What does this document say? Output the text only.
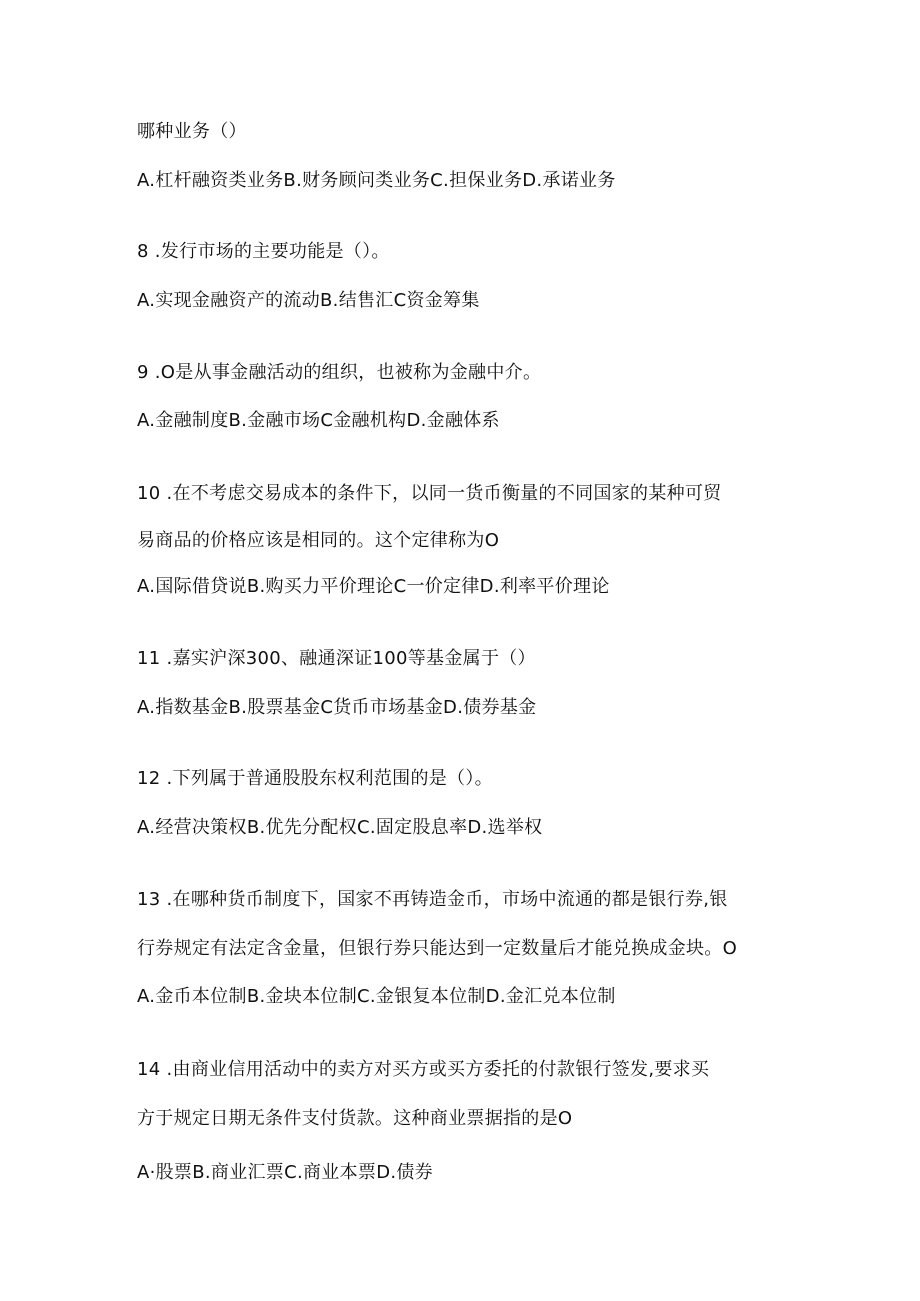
哪种业务（）
A.杠杆融资类业务B.财务顾问类业务C.担保业务D.承诺业务
8 .发行市场的主要功能是（）。
A.实现金融资产的流动B.结售汇C资金筹集
9 .O是从事金融活动的组织，也被称为金融中介。
A.金融制度B.金融市场C金融机构D.金融体系
10 .在不考虑交易成本的条件下，以同一货币衡量的不同国家的某种可贸
易商品的价格应该是相同的。这个定律称为O
A.国际借贷说B.购买力平价理论C一价定律D.利率平价理论
11 .嘉实沪深300、融通深证100等基金属于（）
A.指数基金B.股票基金C货币市场基金D.债券基金
12 .下列属于普通股股东权利范围的是（）。
A.经营决策权B.优先分配权C.固定股息率D.选举权
13 .在哪种货币制度下，国家不再铸造金币，市场中流通的都是银行券,银
行券规定有法定含金量，但银行券只能达到一定数量后才能兑换成金块。O
A.金币本位制B.金块本位制C.金银复本位制D.金汇兑本位制
14 .由商业信用活动中的卖方对买方或买方委托的付款银行签发,要求买
方于规定日期无条件支付货款。这种商业票据指的是O
A·股票B.商业汇票C.商业本票D.债券
